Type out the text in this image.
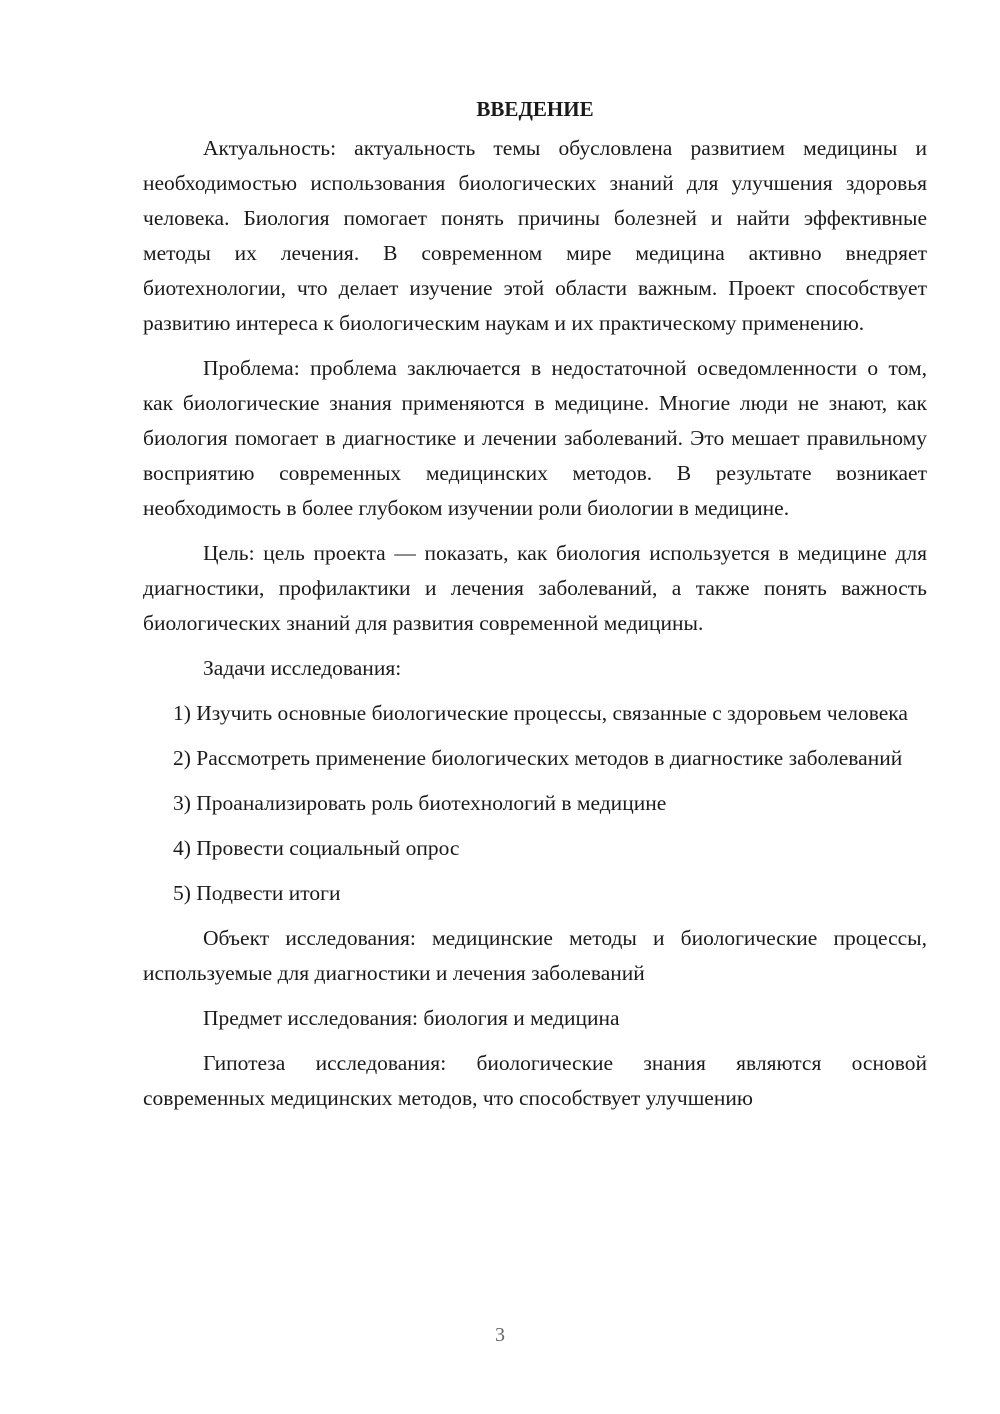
ВВЕДЕНИЕ

Актуальность: актуальность темы обусловлена развитием медицины и необходимостью использования биологических знаний для улучшения здоровья человека. Биология помогает понять причины болезней и найти эффективные методы их лечения. В современном мире медицина активно внедряет биотехнологии, что делает изучение этой области важным. Проект способствует развитию интереса к биологическим наукам и их практическому применению.

Проблема: проблема заключается в недостаточной осведомленности о том, как биологические знания применяются в медицине. Многие люди не знают, как биология помогает в диагностике и лечении заболеваний. Это мешает правильному восприятию современных медицинских методов. В результате возникает необходимость в более глубоком изучении роли биологии в медицине.

Цель: цель проекта — показать, как биология используется в медицине для диагностики, профилактики и лечения заболеваний, а также понять важность биологических знаний для развития современной медицины.

Задачи исследования:

1) Изучить основные биологические процессы, связанные с здоровьем человека

2) Рассмотреть применение биологических методов в диагностике заболеваний

3) Проанализировать роль биотехнологий в медицине

4) Провести социальный опрос

5) Подвести итоги

Объект исследования: медицинские методы и биологические процессы, используемые для диагностики и лечения заболеваний

Предмет исследования: биология и медицина

Гипотеза исследования: биологические знания являются основой современных медицинских методов, что способствует улучшению

3
